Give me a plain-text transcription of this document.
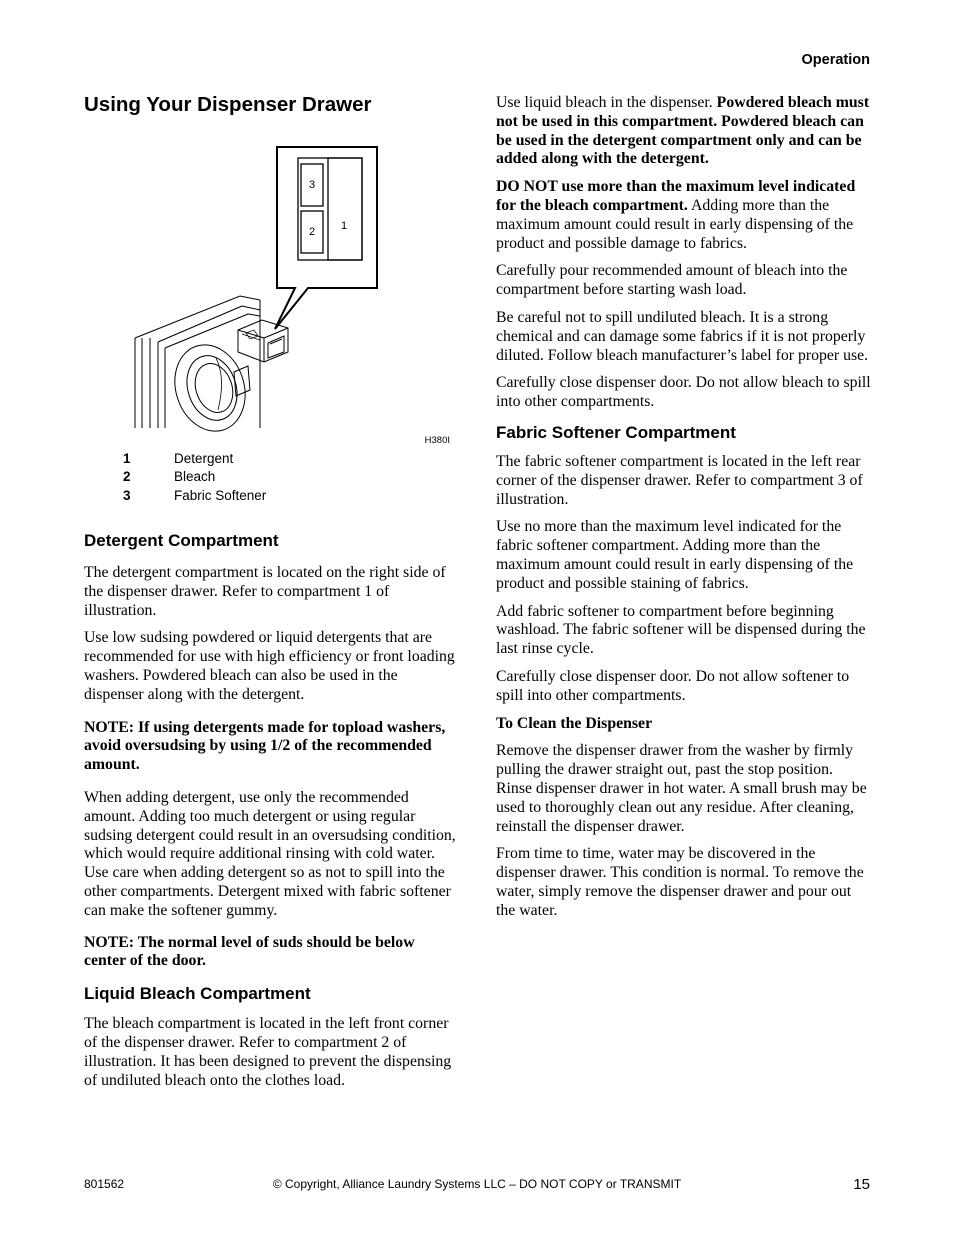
Operation
Using Your Dispenser Drawer
3
2 1
H380I
1	Detergent
2	Bleach
3	Fabric Softener
Detergent Compartment

The detergent compartment is located on the right side of the dispenser drawer. Refer to compartment 1 of illustration.

Use low sudsing powdered or liquid detergents that are recommended for use with high efficiency or front loading washers. Powdered bleach can also be used in the dispenser along with the detergent.

NOTE: If using detergents made for topload washers, avoid oversudsing by using 1/2 of the recommended amount.

When adding detergent, use only the recommended amount. Adding too much detergent or using regular sudsing detergent could result in an oversudsing condition, which would require additional rinsing with cold water. Use care when adding detergent so as not to spill into the other compartments. Detergent mixed with fabric softener can make the softener gummy.

NOTE: The normal level of suds should be below center of the door.

Liquid Bleach Compartment

The bleach compartment is located in the left front corner of the dispenser drawer. Refer to compartment 2 of illustration. It has been designed to prevent the dispensing of undiluted bleach onto the clothes load.

Use liquid bleach in the dispenser. Powdered bleach must not be used in this compartment. Powdered bleach can be used in the detergent compartment only and can be added along with the detergent.

DO NOT use more than the maximum level indicated for the bleach compartment. Adding more than the maximum amount could result in early dispensing of the product and possible damage to fabrics.

Carefully pour recommended amount of bleach into the compartment before starting wash load.

Be careful not to spill undiluted bleach. It is a strong chemical and can damage some fabrics if it is not properly diluted. Follow bleach manufacturer’s label for proper use.

Carefully close dispenser door. Do not allow bleach to spill into other compartments.

Fabric Softener Compartment

The fabric softener compartment is located in the left rear corner of the dispenser drawer. Refer to compartment 3 of illustration.

Use no more than the maximum level indicated for the fabric softener compartment. Adding more than the maximum amount could result in early dispensing of the product and possible staining of fabrics.

Add fabric softener to compartment before beginning washload. The fabric softener will be dispensed during the last rinse cycle.

Carefully close dispenser door. Do not allow softener to spill into other compartments.

To Clean the Dispenser

Remove the dispenser drawer from the washer by firmly pulling the drawer straight out, past the stop position. Rinse dispenser drawer in hot water. A small brush may be used to thoroughly clean out any residue. After cleaning, reinstall the dispenser drawer.

From time to time, water may be discovered in the dispenser drawer. This condition is normal. To remove the water, simply remove the dispenser drawer and pour out the water.

801562	© Copyright, Alliance Laundry Systems LLC – DO NOT COPY or TRANSMIT	15
